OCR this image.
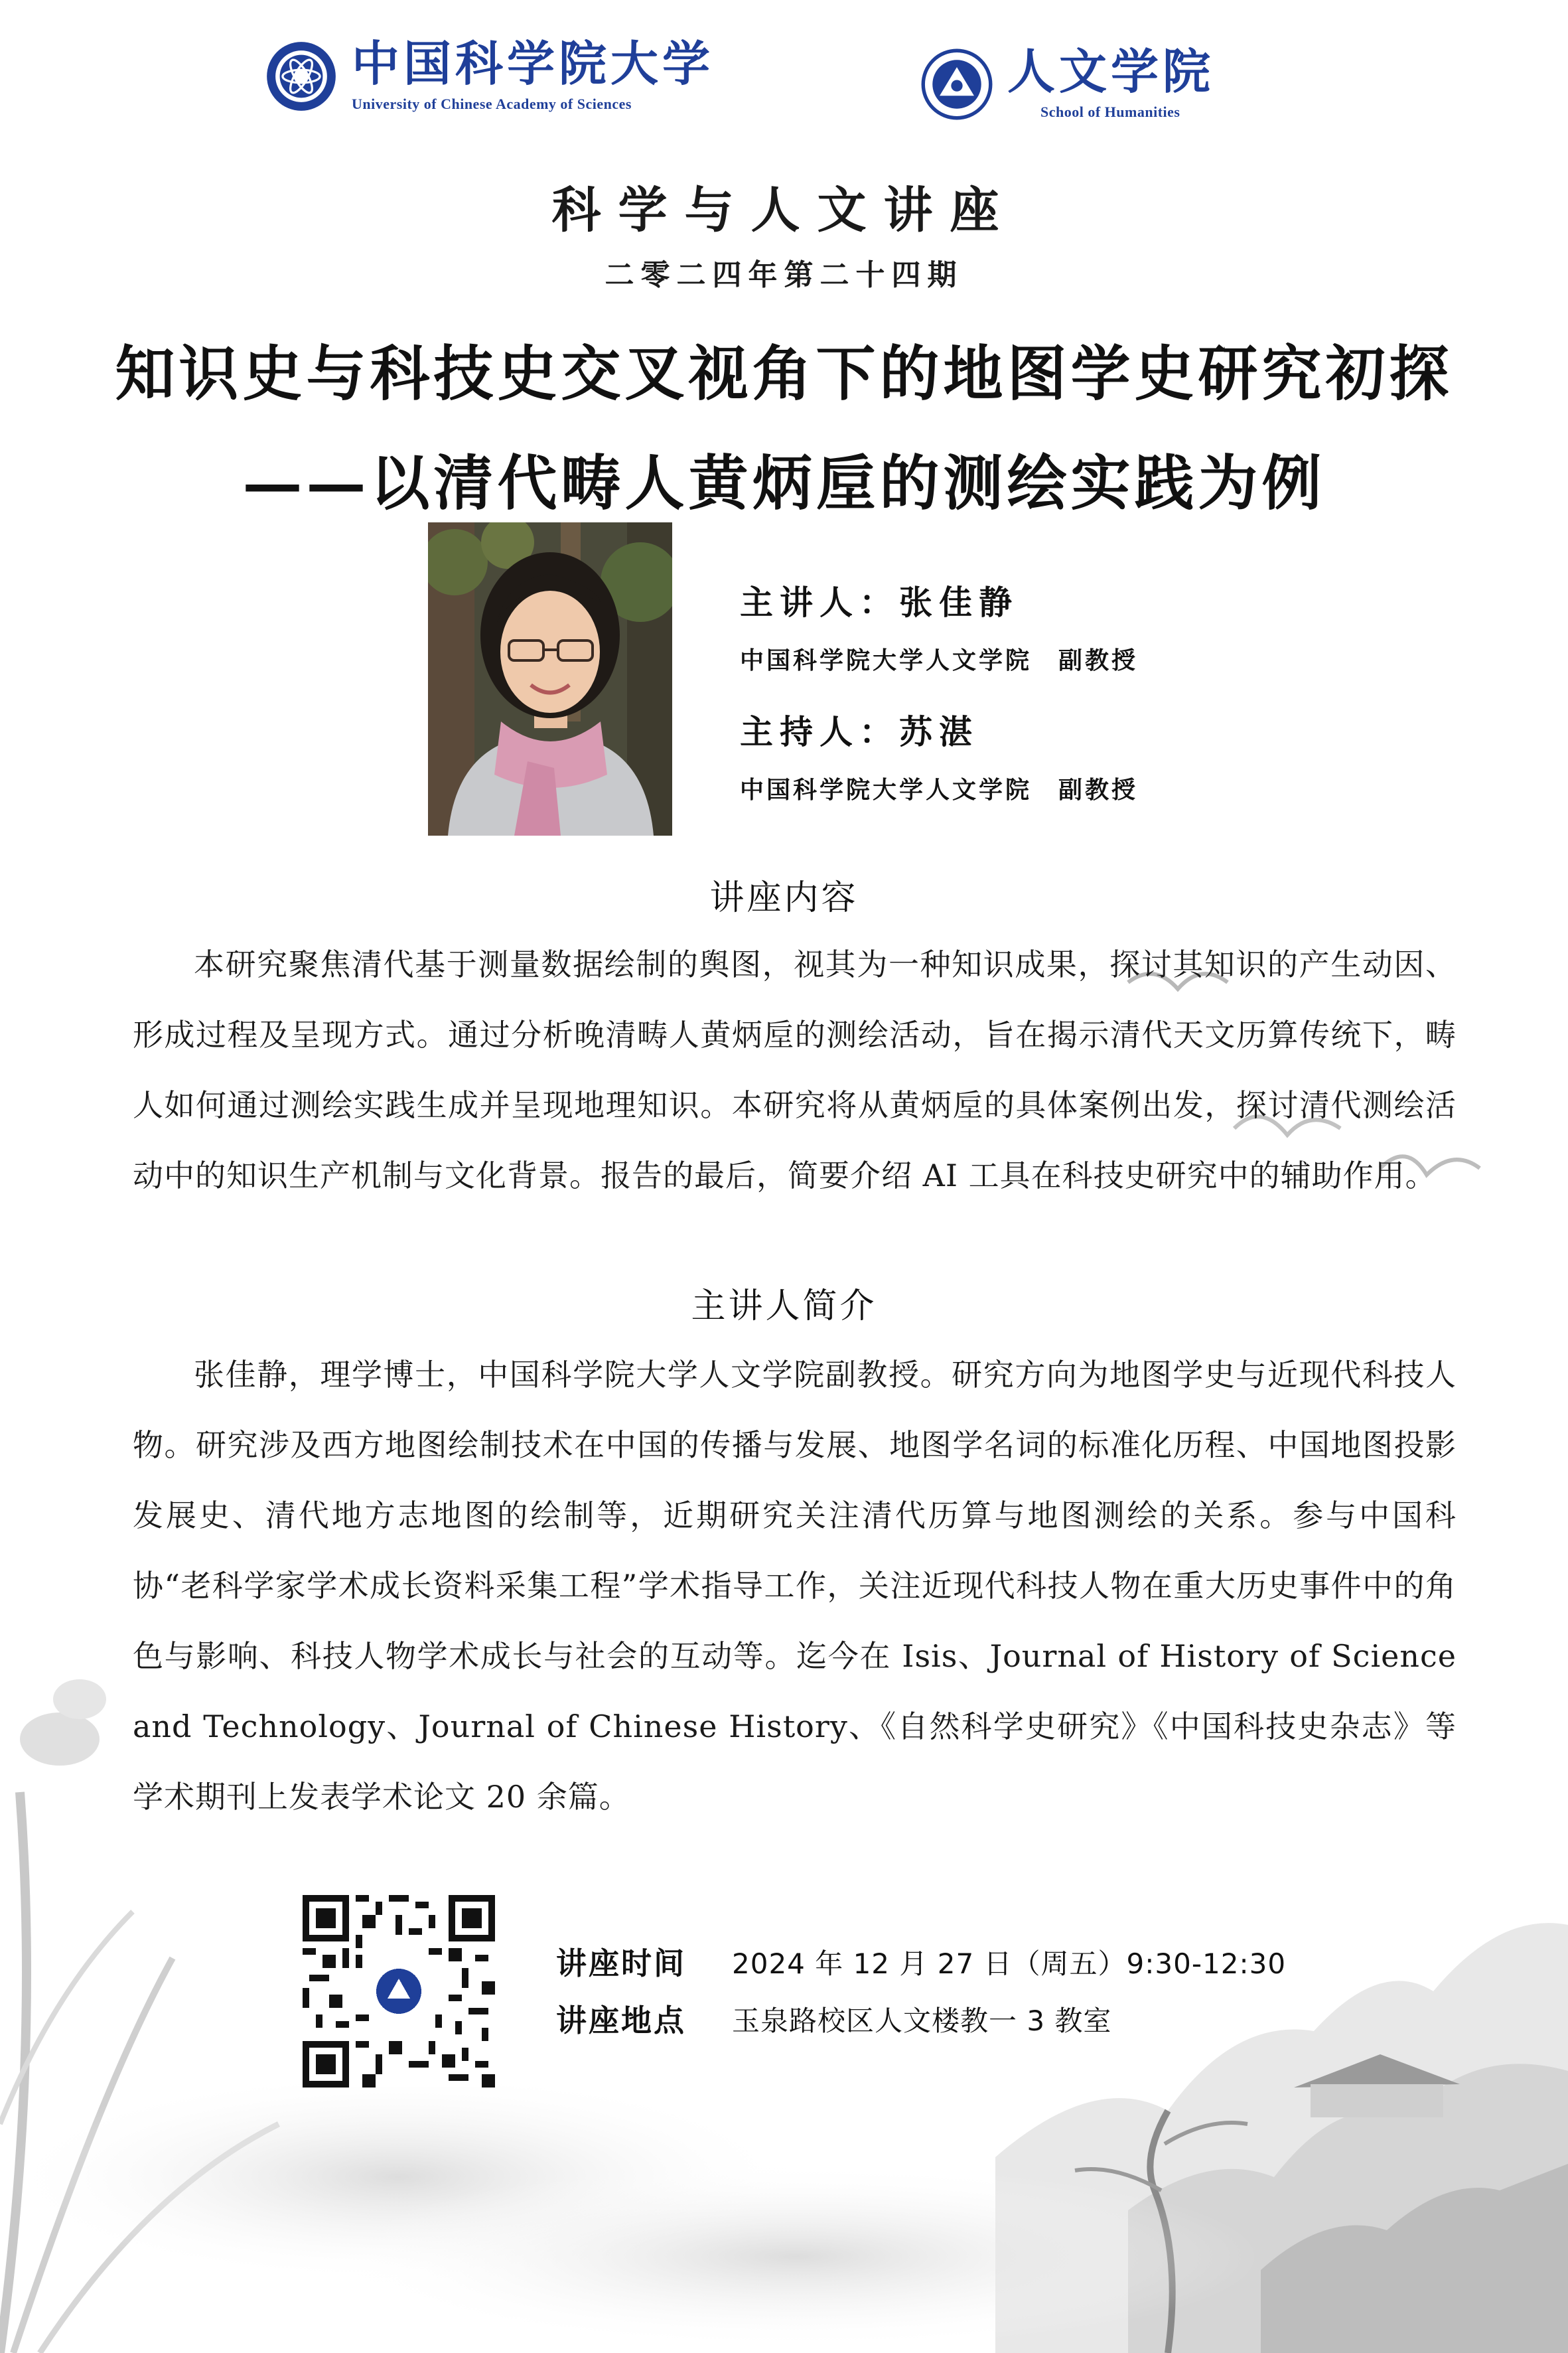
中国科学院大学
University of Chinese Academy of Sciences
人文学院
School of Humanities
科学与人文讲座
二零二四年第二十四期
知识史与科技史交叉视角下的地图学史研究初探
——以清代畴人黄炳垕的测绘实践为例
主讲人：张佳静
中国科学院大学人文学院　副教授
主持人：苏湛
中国科学院大学人文学院　副教授
讲座内容
本研究聚焦清代基于测量数据绘制的舆图，视其为一种知识成果，探讨其知识的产生动因、形成过程及呈现方式。通过分析晚清畴人黄炳垕的测绘活动，旨在揭示清代天文历算传统下，畴人如何通过测绘实践生成并呈现地理知识。本研究将从黄炳垕的具体案例出发，探讨清代测绘活动中的知识生产机制与文化背景。报告的最后，简要介绍 AI 工具在科技史研究中的辅助作用。
主讲人简介
张佳静，理学博士，中国科学院大学人文学院副教授。研究方向为地图学史与近现代科技人物。研究涉及西方地图绘制技术在中国的传播与发展、地图学名词的标准化历程、中国地图投影发展史、清代地方志地图的绘制等，近期研究关注清代历算与地图测绘的关系。参与中国科协“老科学家学术成长资料采集工程”学术指导工作，关注近现代科技人物在重大历史事件中的角色与影响、科技人物学术成长与社会的互动等。迄今在 Isis、Journal of History of Science and Technology、Journal of Chinese History、《自然科学史研究》《中国科技史杂志》等学术期刊上发表学术论文 20 余篇。
讲座时间 2024 年 12 月 27 日（周五）9:30-12:30
讲座地点 玉泉路校区人文楼教一 3 教室
